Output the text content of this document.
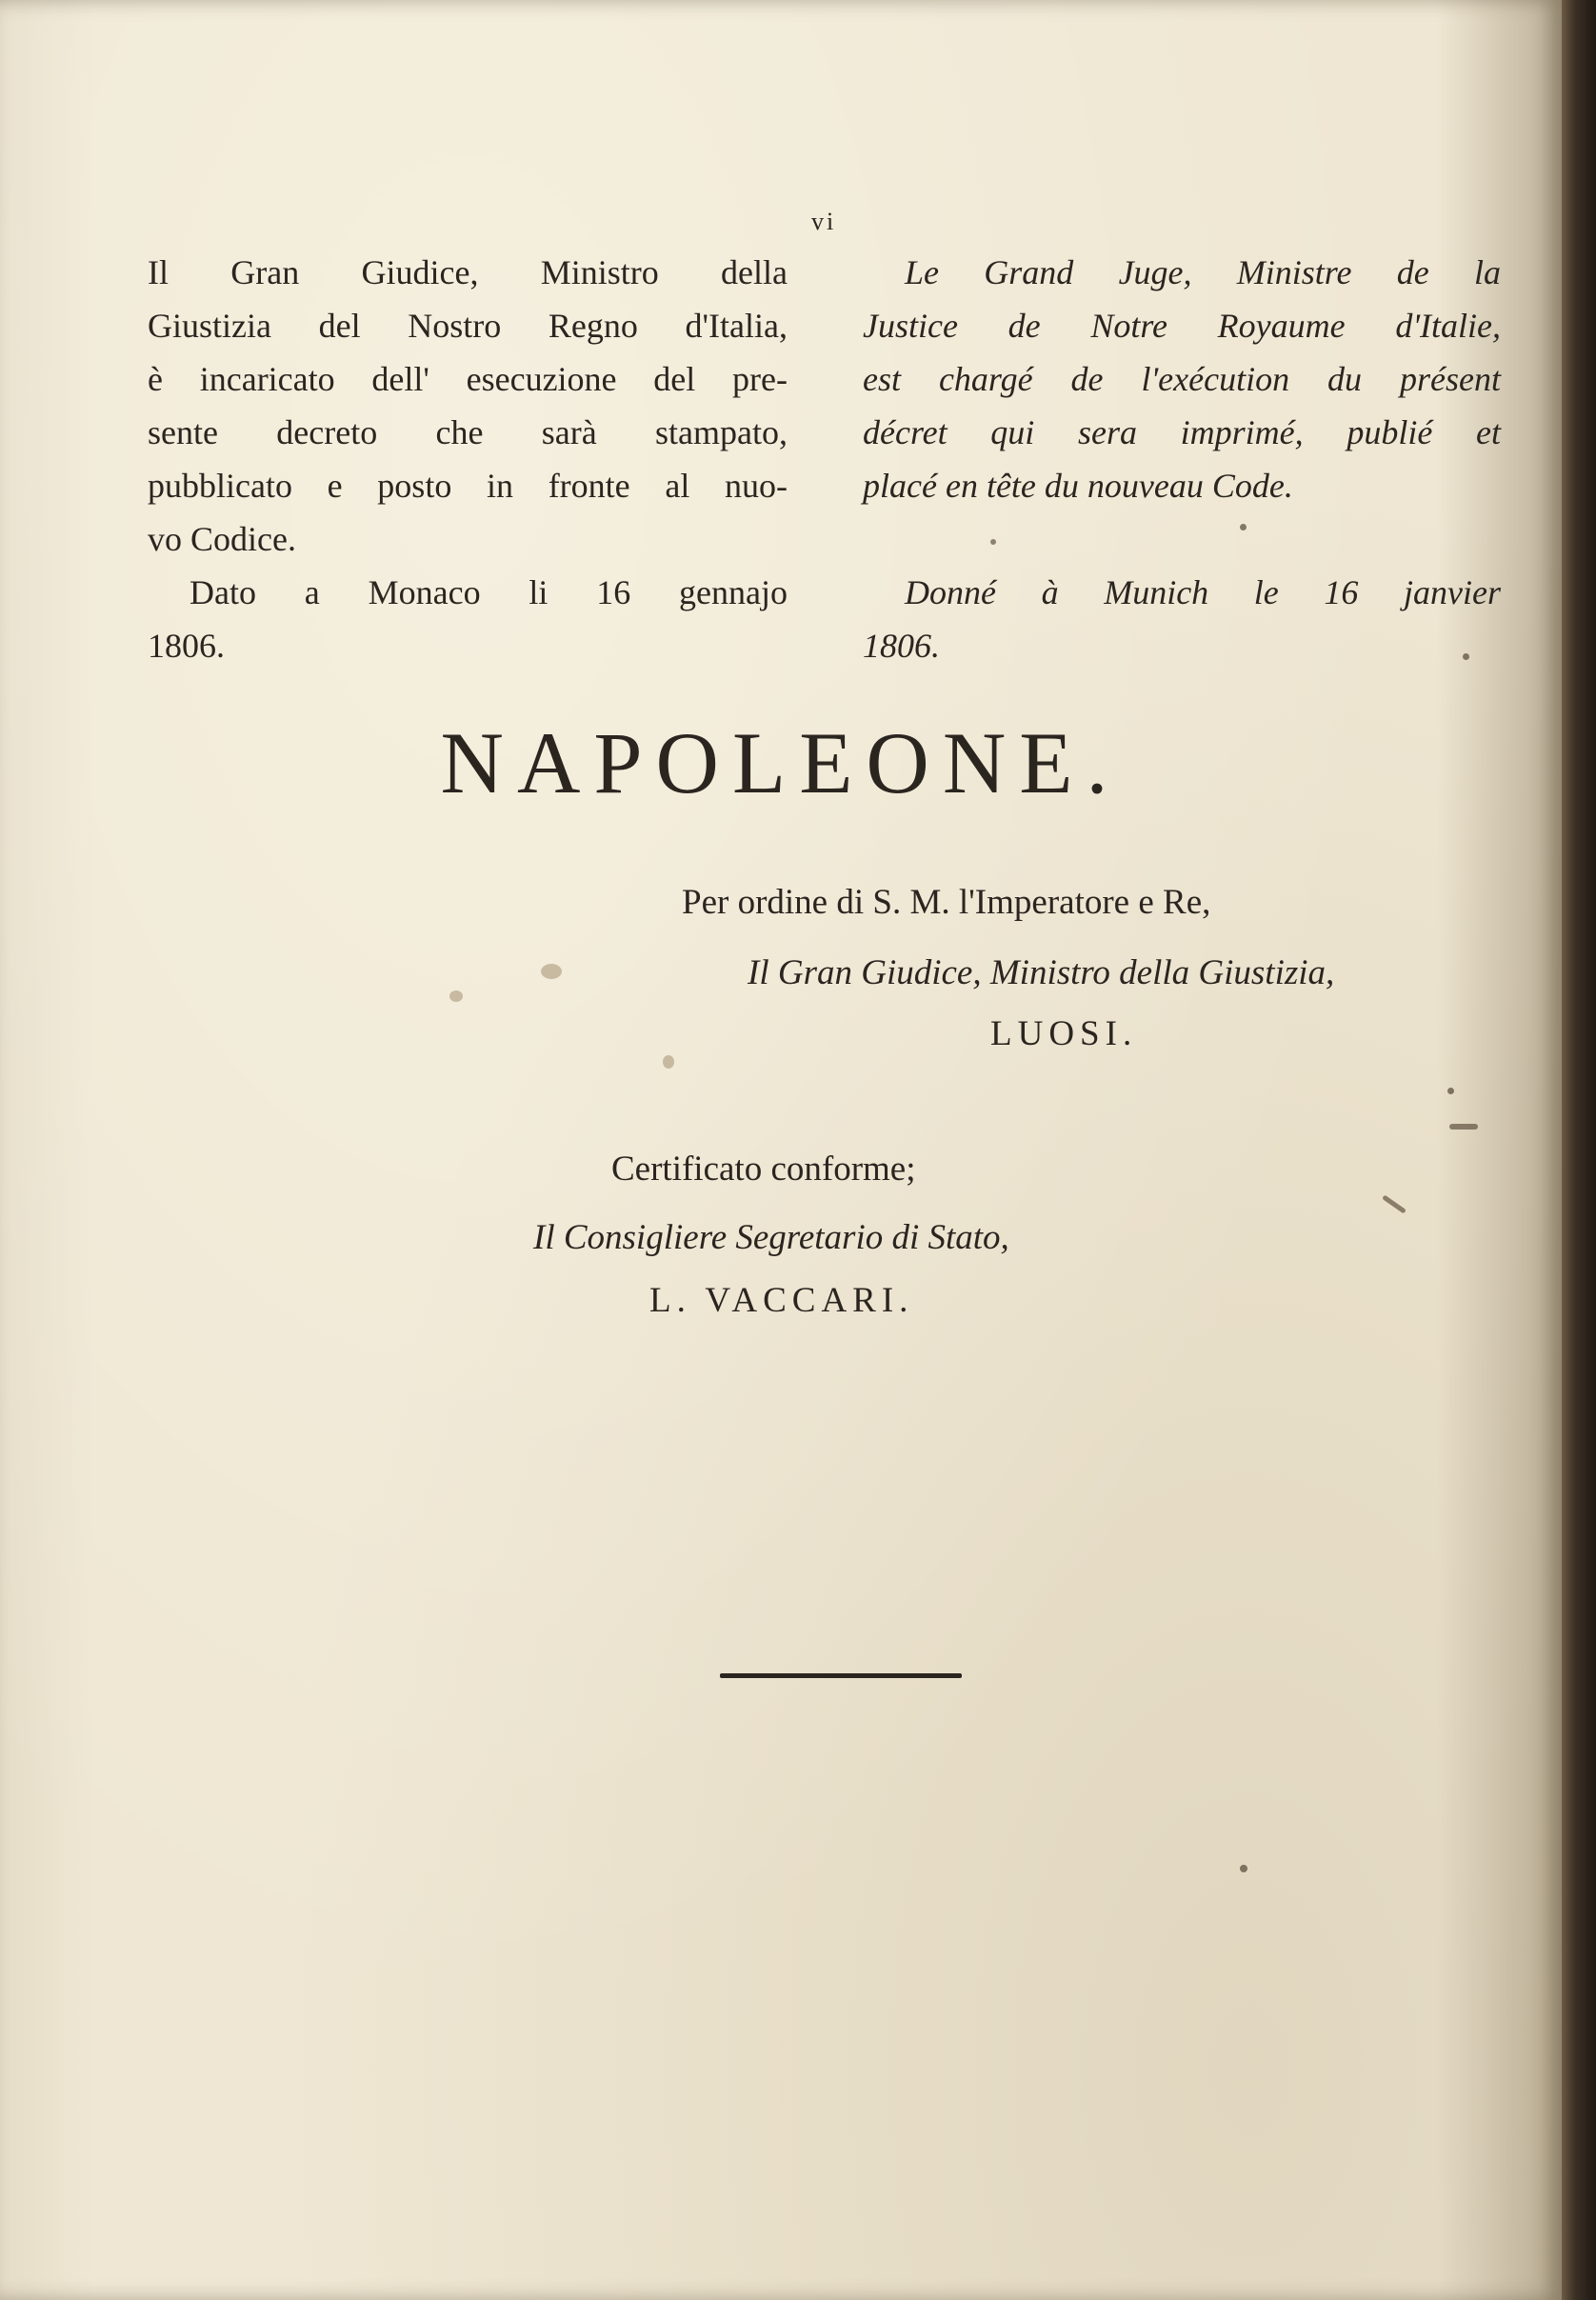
vi
Il Gran Giudice, Ministro della
Giustizia del Nostro Regno d'Italia,
è incaricato dell' esecuzione del pre-
sente decreto che sarà stampato,
pubblicato e posto in fronte al nuo-
vo Codice.
Dato a Monaco li 16 gennajo
1806.
Le Grand Juge, Ministre de la
Justice de Notre Royaume d'Italie,
est chargé de l'exécution du présent
décret qui sera imprimé, publié et
placé en tête du nouveau Code.

Donné à Munich le 16 janvier
1806.
NAPOLEONE.
Per ordine di S. M. l'Imperatore e Re,
Il Gran Giudice, Ministro della Giustizia,
LUOSI.
Certificato conforme;
Il Consigliere Segretario di Stato,
L. VACCARI.
